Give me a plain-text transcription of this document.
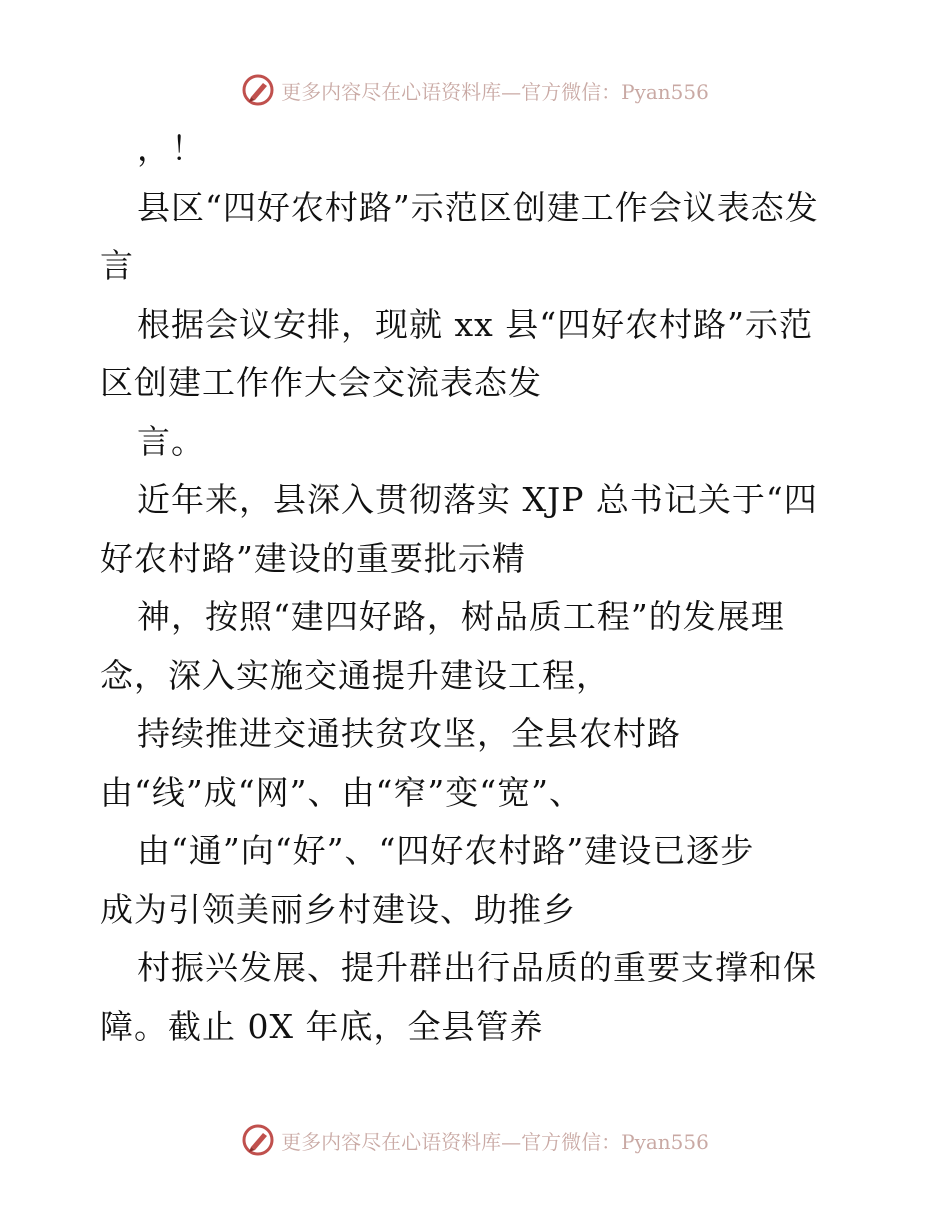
更多内容尽在心语资料库—官方微信：Pyan556
，！
县区“四好农村路”示范区创建工作会议表态发
言
根据会议安排，现就 xx 县“四好农村路”示范
区创建工作作大会交流表态发
言。
近年来，县深入贯彻落实 XJP 总书记关于“四
好农村路”建设的重要批示精
神，按照“建四好路，树品质工程”的发展理
念，深入实施交通提升建设工程，
持续推进交通扶贫攻坚，全县农村路
由“线”成“网”、由“窄”变“宽”、
由“通”向“好”、“四好农村路”建设已逐步
成为引领美丽乡村建设、助推乡
村振兴发展、提升群出行品质的重要支撑和保
障。截止 0X 年底，全县管养
更多内容尽在心语资料库—官方微信：Pyan556
